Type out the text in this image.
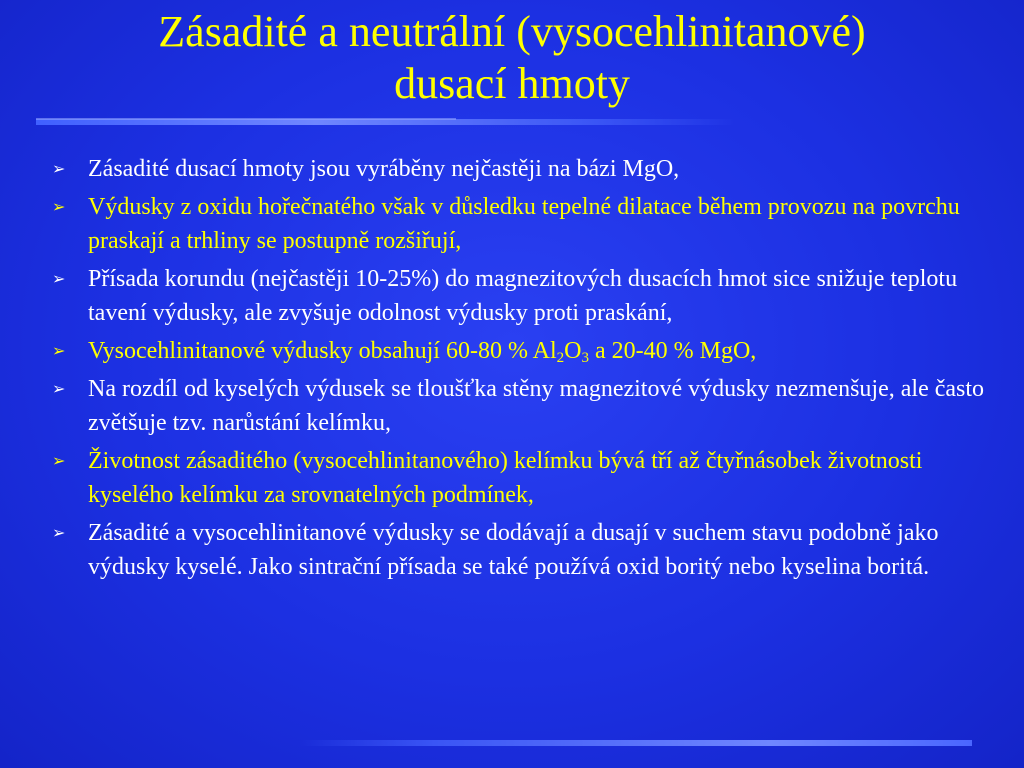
Zásadité a neutrální (vysocehlinitanové)
dusací hmoty
➢ Zásadité dusací hmoty jsou vyráběny nejčastěji na bázi MgO,
➢ Výdusky z oxidu hořečnatého však v důsledku tepelné dilatace během provozu na povrchu praskají a trhliny se postupně rozšiřují,
➢ Přísada korundu (nejčastěji 10-25%) do magnezitových dusacích hmot sice snižuje teplotu tavení výdusky, ale zvyšuje odolnost výdusky proti praskání,
➢ Vysocehlinitanové výdusky obsahují 60-80 % $Al_2O_3$ a 20-40 % MgO,
➢ Na rozdíl od kyselých výdusek se tloušťka stěny magnezitové výdusky nezmenšuje, ale často zvětšuje tzv. narůstání kelímku,
➢ Životnost zásaditého (vysocehlinitanového) kelímku bývá tří až čtyřnásobek životnosti kyselého kelímku za srovnatelných podmínek,
➢ Zásadité a vysocehlinitanové výdusky se dodávají a dusají v suchem stavu podobně jako výdusky kyselé. Jako sintrační přísada se také používá oxid boritý nebo kyselina boritá.
